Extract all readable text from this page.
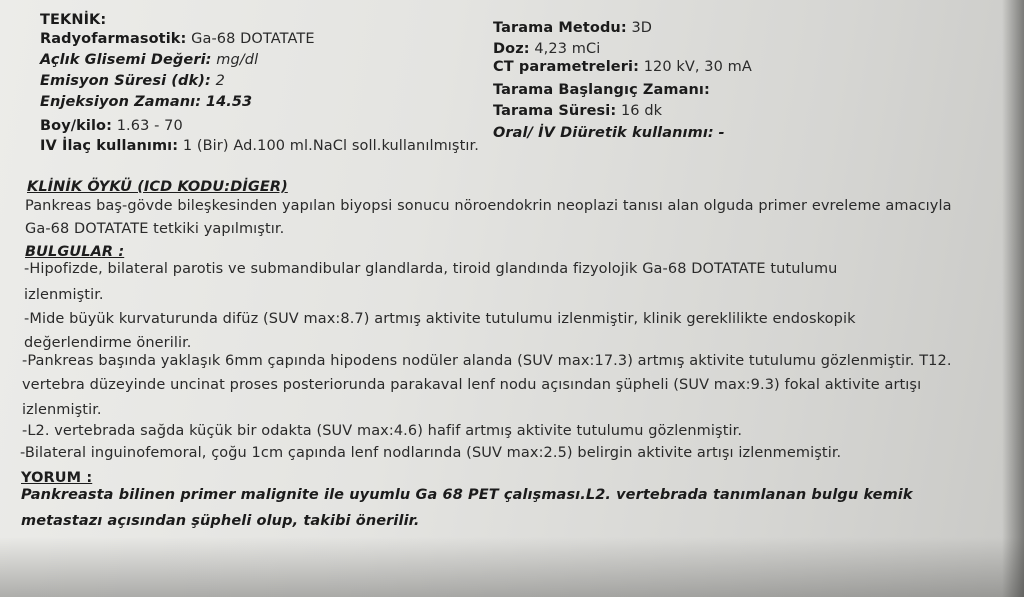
TEKNİK:
Radyofarmasotik: Ga-68 DOTATATE
Açlık Glisemi Değeri: mg/dl
Emisyon Süresi (dk): 2
Enjeksiyon Zamanı: 14.53
Boy/kilo: 1.63 - 70
IV İlaç kullanımı: 1 (Bir) Ad.100 ml.NaCl soll.kullanılmıştır.
Tarama Metodu: 3D
Doz: 4,23 mCi
CT parametreleri: 120 kV, 30 mA
Tarama Başlangıç Zamanı:
Tarama Süresi: 16 dk
Oral/ İV Diüretik kullanımı: -
KLİNİK ÖYKÜ (ICD KODU:DİGER)
Pankreas baş-gövde bileşkesinden yapılan biyopsi sonucu nöroendokrin neoplazi tanısı alan olguda primer evreleme amacıyla
Ga-68 DOTATATE tetkiki yapılmıştır.
BULGULAR :
-Hipofizde, bilateral parotis ve submandibular glandlarda, tiroid glandında fizyolojik Ga-68 DOTATATE tutulumu
izlenmiştir.
-Mide büyük kurvaturunda difüz (SUV max:8.7) artmış aktivite tutulumu izlenmiştir, klinik gereklilikte endoskopik
değerlendirme önerilir.
-Pankreas başında yaklaşık 6mm çapında hipodens nodüler alanda (SUV max:17.3) artmış aktivite tutulumu gözlenmiştir. T12.
vertebra düzeyinde uncinat proses posteriorunda parakaval lenf nodu açısından şüpheli (SUV max:9.3) fokal aktivite artışı
izlenmiştir.
-L2. vertebrada sağda küçük bir odakta (SUV max:4.6) hafif artmış aktivite tutulumu gözlenmiştir.
-Bilateral inguinofemoral, çoğu 1cm çapında lenf nodlarında (SUV max:2.5) belirgin aktivite artışı izlenmemiştir.
YORUM :
Pankreasta bilinen primer malignite ile uyumlu Ga 68 PET çalışması.L2. vertebrada tanımlanan bulgu kemik
metastazı açısından şüpheli olup, takibi önerilir.
